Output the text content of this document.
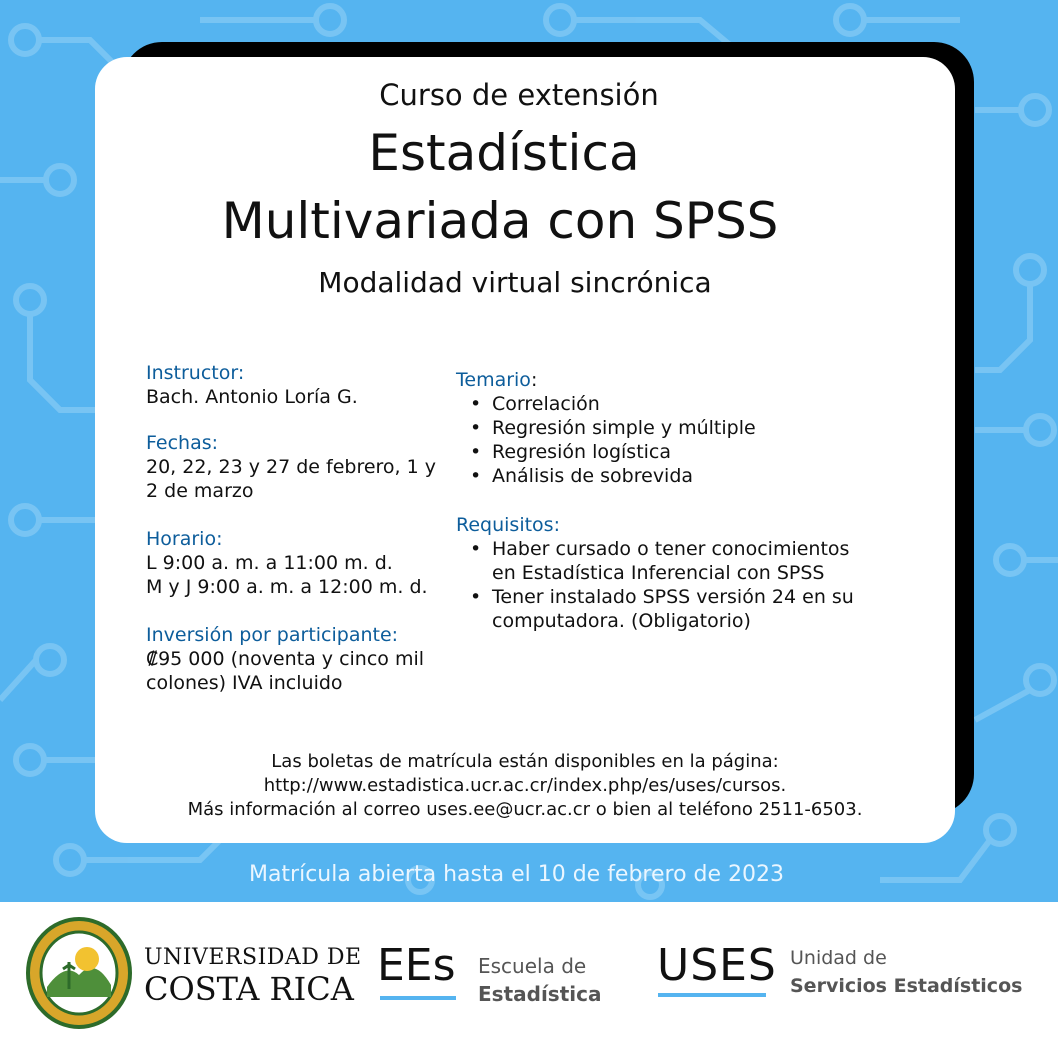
Curso de extensión
Estadística
Multivariada con SPSS
Modalidad virtual sincrónica

Instructor:

Bach. Antonio Loría G.

Fechas:

20, 22, 23 y 27 de febrero, 1 y

2 de marzo

Horario:

L 9:00 a. m. a 11:00 m. d.

M y J 9:00 a. m. a 12:00 m. d.

Inversión por participante:

₡95 000 (noventa y cinco mil

colones) IVA incluido

Temario:

• Correlación
• Regresión simple y múltiple
• Regresión logística
• Análisis de sobrevida

Requisitos:

• Haber cursado o tener conocimientos
en Estadística Inferencial con SPSS
• Tener instalado SPSS versión 24 en su
computadora. (Obligatorio)
Las boletas de matrícula están disponibles en la página:
http://www.estadistica.ucr.ac.cr/index.php/es/uses/cursos.
Más información al correo uses.ee@ucr.ac.cr o bien al teléfono 2511-6503.
Matrícula abierta hasta el 10 de febrero de 2023
UNIVERSIDAD DE
COSTA RICA EEs Escuela de
Estadística
USES Unidad de
Servicios Estadísticos
